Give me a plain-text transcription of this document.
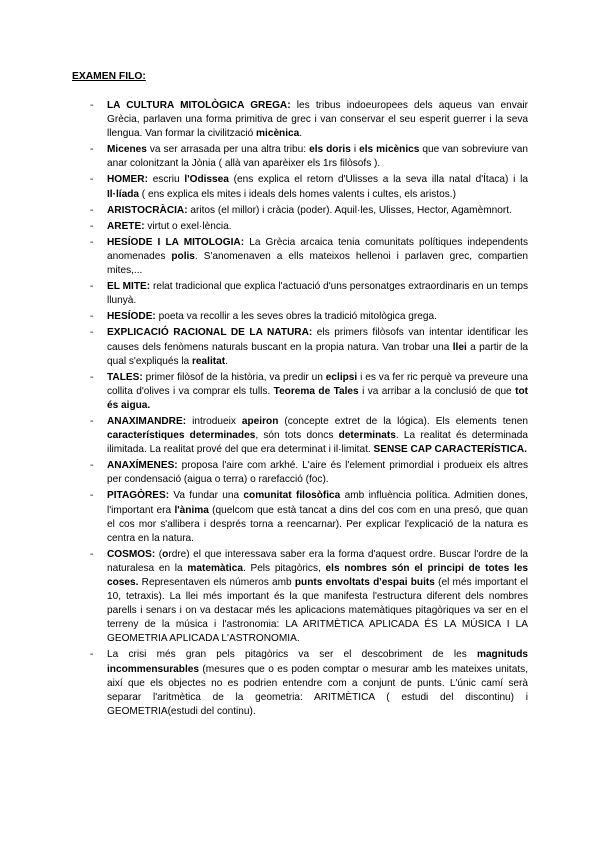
EXAMEN FILO:
- LA CULTURA MITOLÒGICA GREGA: les tribus indoeuropees dels aqueus van envair Grècia, parlaven una forma primitiva de grec i van conservar el seu esperit guerrer i la seva llengua. Van formar la civilització micènica.
- Micenes va ser arrasada per una altra tribu: els doris i els micènics que van sobreviure van anar colonitzant la Jònia ( allà van aparèixer els 1rs filòsofs ).
- HOMER: escriu l'Odissea (ens explica el retorn d'Ulisses a la seva illa natal d'Ítaca) i la Il·líada ( ens explica els mites i ideals dels homes valents i cultes, els aristos.)
- ARISTOCRÀCIA: aritos (el millor) i cràcia (poder). Aquil·les, Ulisses, Hector, Agamèmnort.
- ARETE: virtut o exel·lència.
- HESÍODE I LA MITOLOGIA: La Grècia arcaica tenia comunitats polítiques independents anomenades polis. S'anomenaven a ells mateixos hellenoi i parlaven grec, compartien mites,...
- EL MITE: relat tradicional que explica l'actuació d'uns personatges extraordinaris en un temps llunyà.
- HESÍODE: poeta va recollir a les seves obres la tradició mitològica grega.
- EXPLICACIÓ RACIONAL DE LA NATURA: els primers filòsofs van intentar identificar les causes dels fenòmens naturals buscant en la propia natura. Van trobar una llei a partir de la qual s'expliqués la realitat.
- TALES: primer filòsof de la història, va predir un eclipsi i es va fer ric perquè va preveure una collita d'olives i va comprar els tulls. Teorema de Tales i va arribar a la conclusió de que tot és aigua.
- ANAXIMANDRE: introdueix apeiron (concepte extret de la lógica). Els elements tenen característiques determinades, són tots doncs determinats. La realitat és determinada ilimitada. La realitat prové del que era determinat i il·limitat. SENSE CAP CARACTERÍSTICA.
- ANAXÍMENES: proposa l'aire com arkhé. L'aire és l'element primordial i produeix els altres per condensació (aigua o terra) o rarefacció (foc).
- PITAGÒRES: Va fundar una comunitat filosòfica amb influència política. Admitien dones, l'important era l'ànima (quelcom que està tancat a dins del cos com en una presó, que quan el cos mor s'allibera i després torna a reencarnar). Per explicar l'explicació de la natura es centra en la natura.
- COSMOS: (ordre) el que interessava saber era la forma d'aquest ordre. Buscar l'ordre de la naturalesa en la matemàtica. Pels pitagòrics, els nombres són el principi de totes les coses. Representaven els números amb punts envoltats d'espai buits (el més important el 10, tetraxis). La llei més important és la que manifesta l'estructura diferent dels nombres parells i senars i on va destacar més les aplicacions matemàtiques pitagòriques va ser en el terreny de la música i l'astronomia: LA ARITMÈTICA APLICADA ÉS LA MÚSICA I LA GEOMETRIA APLICADA L'ASTRONOMIA.
- La crisi més gran pels pitagòrics va ser el descobriment de les magnituds incommensurables (mesures que o es poden comptar o mesurar amb les mateixes unitats, així que els objectes no es podrien entendre com a conjunt de punts. L'únic camí serà separar l'aritmètica de la geometria: ARITMÈTICA ( estudi del discontinu) i GEOMETRIA(estudi del continu).
